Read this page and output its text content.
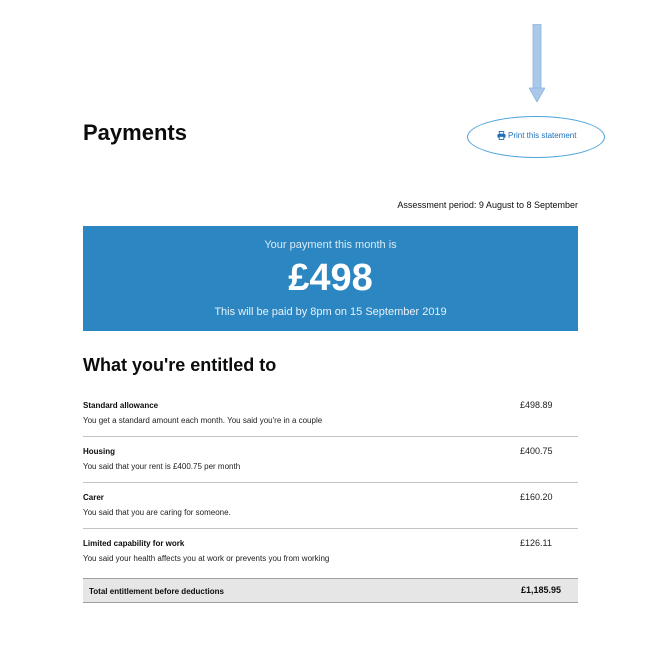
Payments	Print this statement
Assessment period: 9 August to 8 September
Your payment this month is
£498
This will be paid by 8pm on 15 September 2019
What you're entitled to
Standard allowance
You get a standard amount each month. You said you're in a couple
£498.89
Housing
You said that your rent is £400.75 per month
£400.75
Carer
You said that you are caring for someone.
£160.20
Limited capability for work
You said your health affects you at work or prevents you from working
£126.11
Total entitlement before deductions	£1,185.95
